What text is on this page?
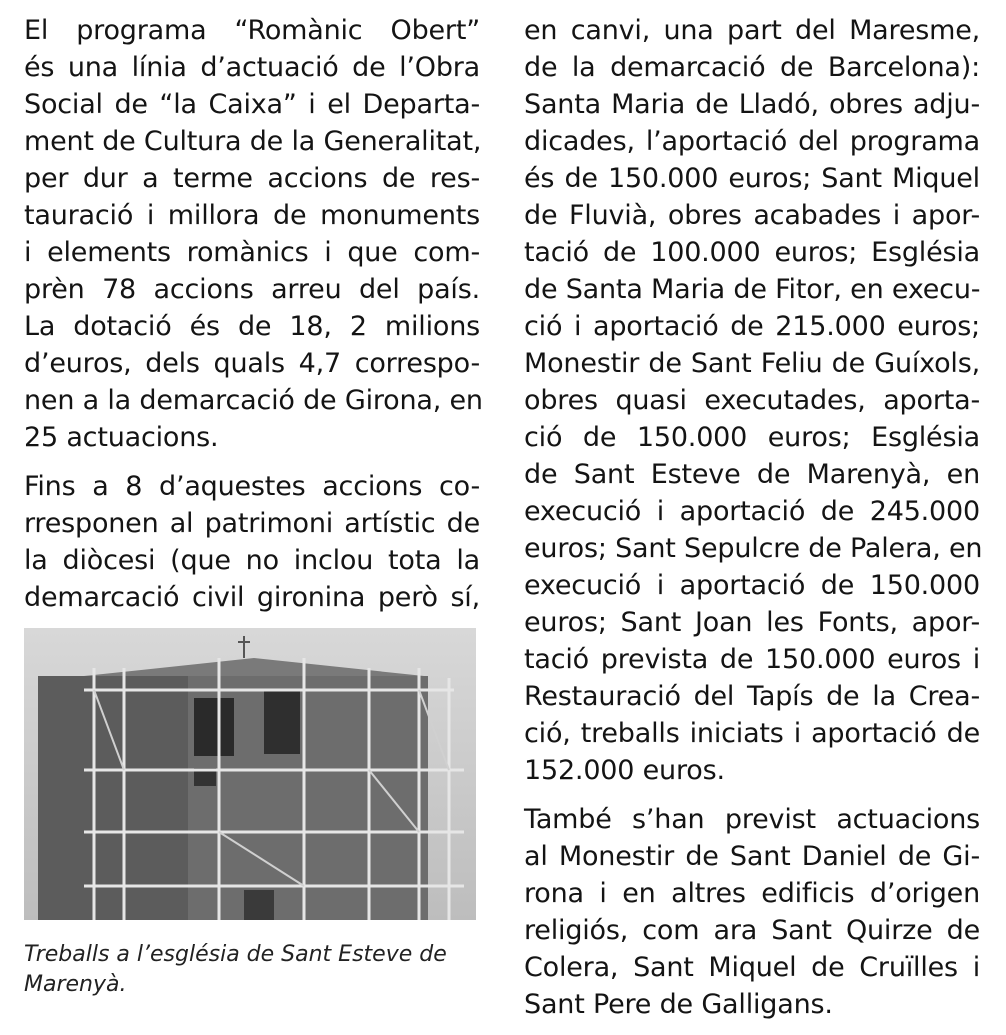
El programa “Romànic Obert”
és una línia d’actuació de l’Obra
Social de “la Caixa” i el Departa-
ment de Cultura de la Generalitat,
per dur a terme accions de res-
tauració i millora de monuments
i elements romànics i que com-
prèn 78 accions arreu del país.
La dotació és de 18, 2 milions
d’euros, dels quals 4,7 correspo-
nen a la demarcació de Girona, en
25 actuacions.
Fins a 8 d’aquestes accions co-
rresponen al patrimoni artístic de
la diòcesi (que no inclou tota la
demarcació civil gironina però sí,
Treballs a l’església de Sant Esteve de
Marenyà.
en canvi, una part del Maresme,
de la demarcació de Barcelona):
Santa Maria de Lladó, obres adju-
dicades, l’aportació del programa
és de 150.000 euros; Sant Miquel
de Fluvià, obres acabades i apor-
tació de 100.000 euros; Església
de Santa Maria de Fitor, en execu-
ció i aportació de 215.000 euros;
Monestir de Sant Feliu de Guíxols,
obres quasi executades, aporta-
ció de 150.000 euros; Església
de Sant Esteve de Marenyà, en
execució i aportació de 245.000
euros; Sant Sepulcre de Palera, en
execució i aportació de 150.000
euros; Sant Joan les Fonts, apor-
tació prevista de 150.000 euros i
Restauració del Tapís de la Crea-
ció, treballs iniciats i aportació de
152.000 euros.
També s’han previst actuacions
al Monestir de Sant Daniel de Gi-
rona i en altres edificis d’origen
religiós, com ara Sant Quirze de
Colera, Sant Miquel de Cruïlles i
Sant Pere de Galligans.
